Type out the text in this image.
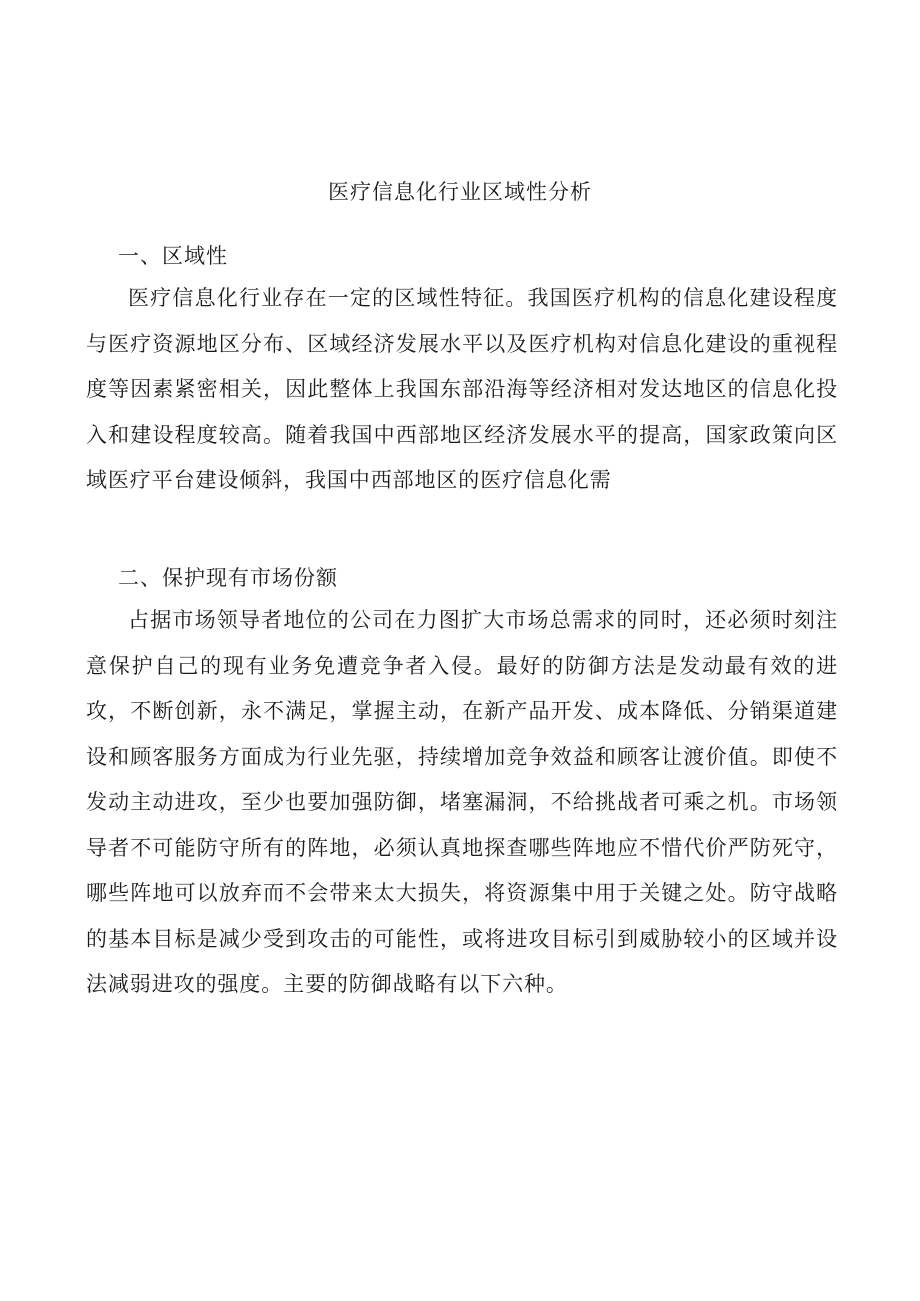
医疗信息化行业区域性分析
一、区域性

医疗信息化行业存在一定的区域性特征。我国医疗机构的信息化建设程度与医疗资源地区分布、区域经济发展水平以及医疗机构对信息化建设的重视程度等因素紧密相关，因此整体上我国东部沿海等经济相对发达地区的信息化投入和建设程度较高。随着我国中西部地区经济发展水平的提高，国家政策向区域医疗平台建设倾斜，我国中西部地区的医疗信息化需

二、保护现有市场份额

占据市场领导者地位的公司在力图扩大市场总需求的同时，还必须时刻注意保护自己的现有业务免遭竞争者入侵。最好的防御方法是发动最有效的进攻，不断创新，永不满足，掌握主动，在新产品开发、成本降低、分销渠道建设和顾客服务方面成为行业先驱，持续增加竞争效益和顾客让渡价值。即使不发动主动进攻，至少也要加强防御，堵塞漏洞，不给挑战者可乘之机。市场领导者不可能防守所有的阵地，必须认真地探查哪些阵地应不惜代价严防死守，哪些阵地可以放弃而不会带来太大损失，将资源集中用于关键之处。防守战略的基本目标是减少受到攻击的可能性，或将进攻目标引到威胁较小的区域并设法减弱进攻的强度。主要的防御战略有以下六种。
